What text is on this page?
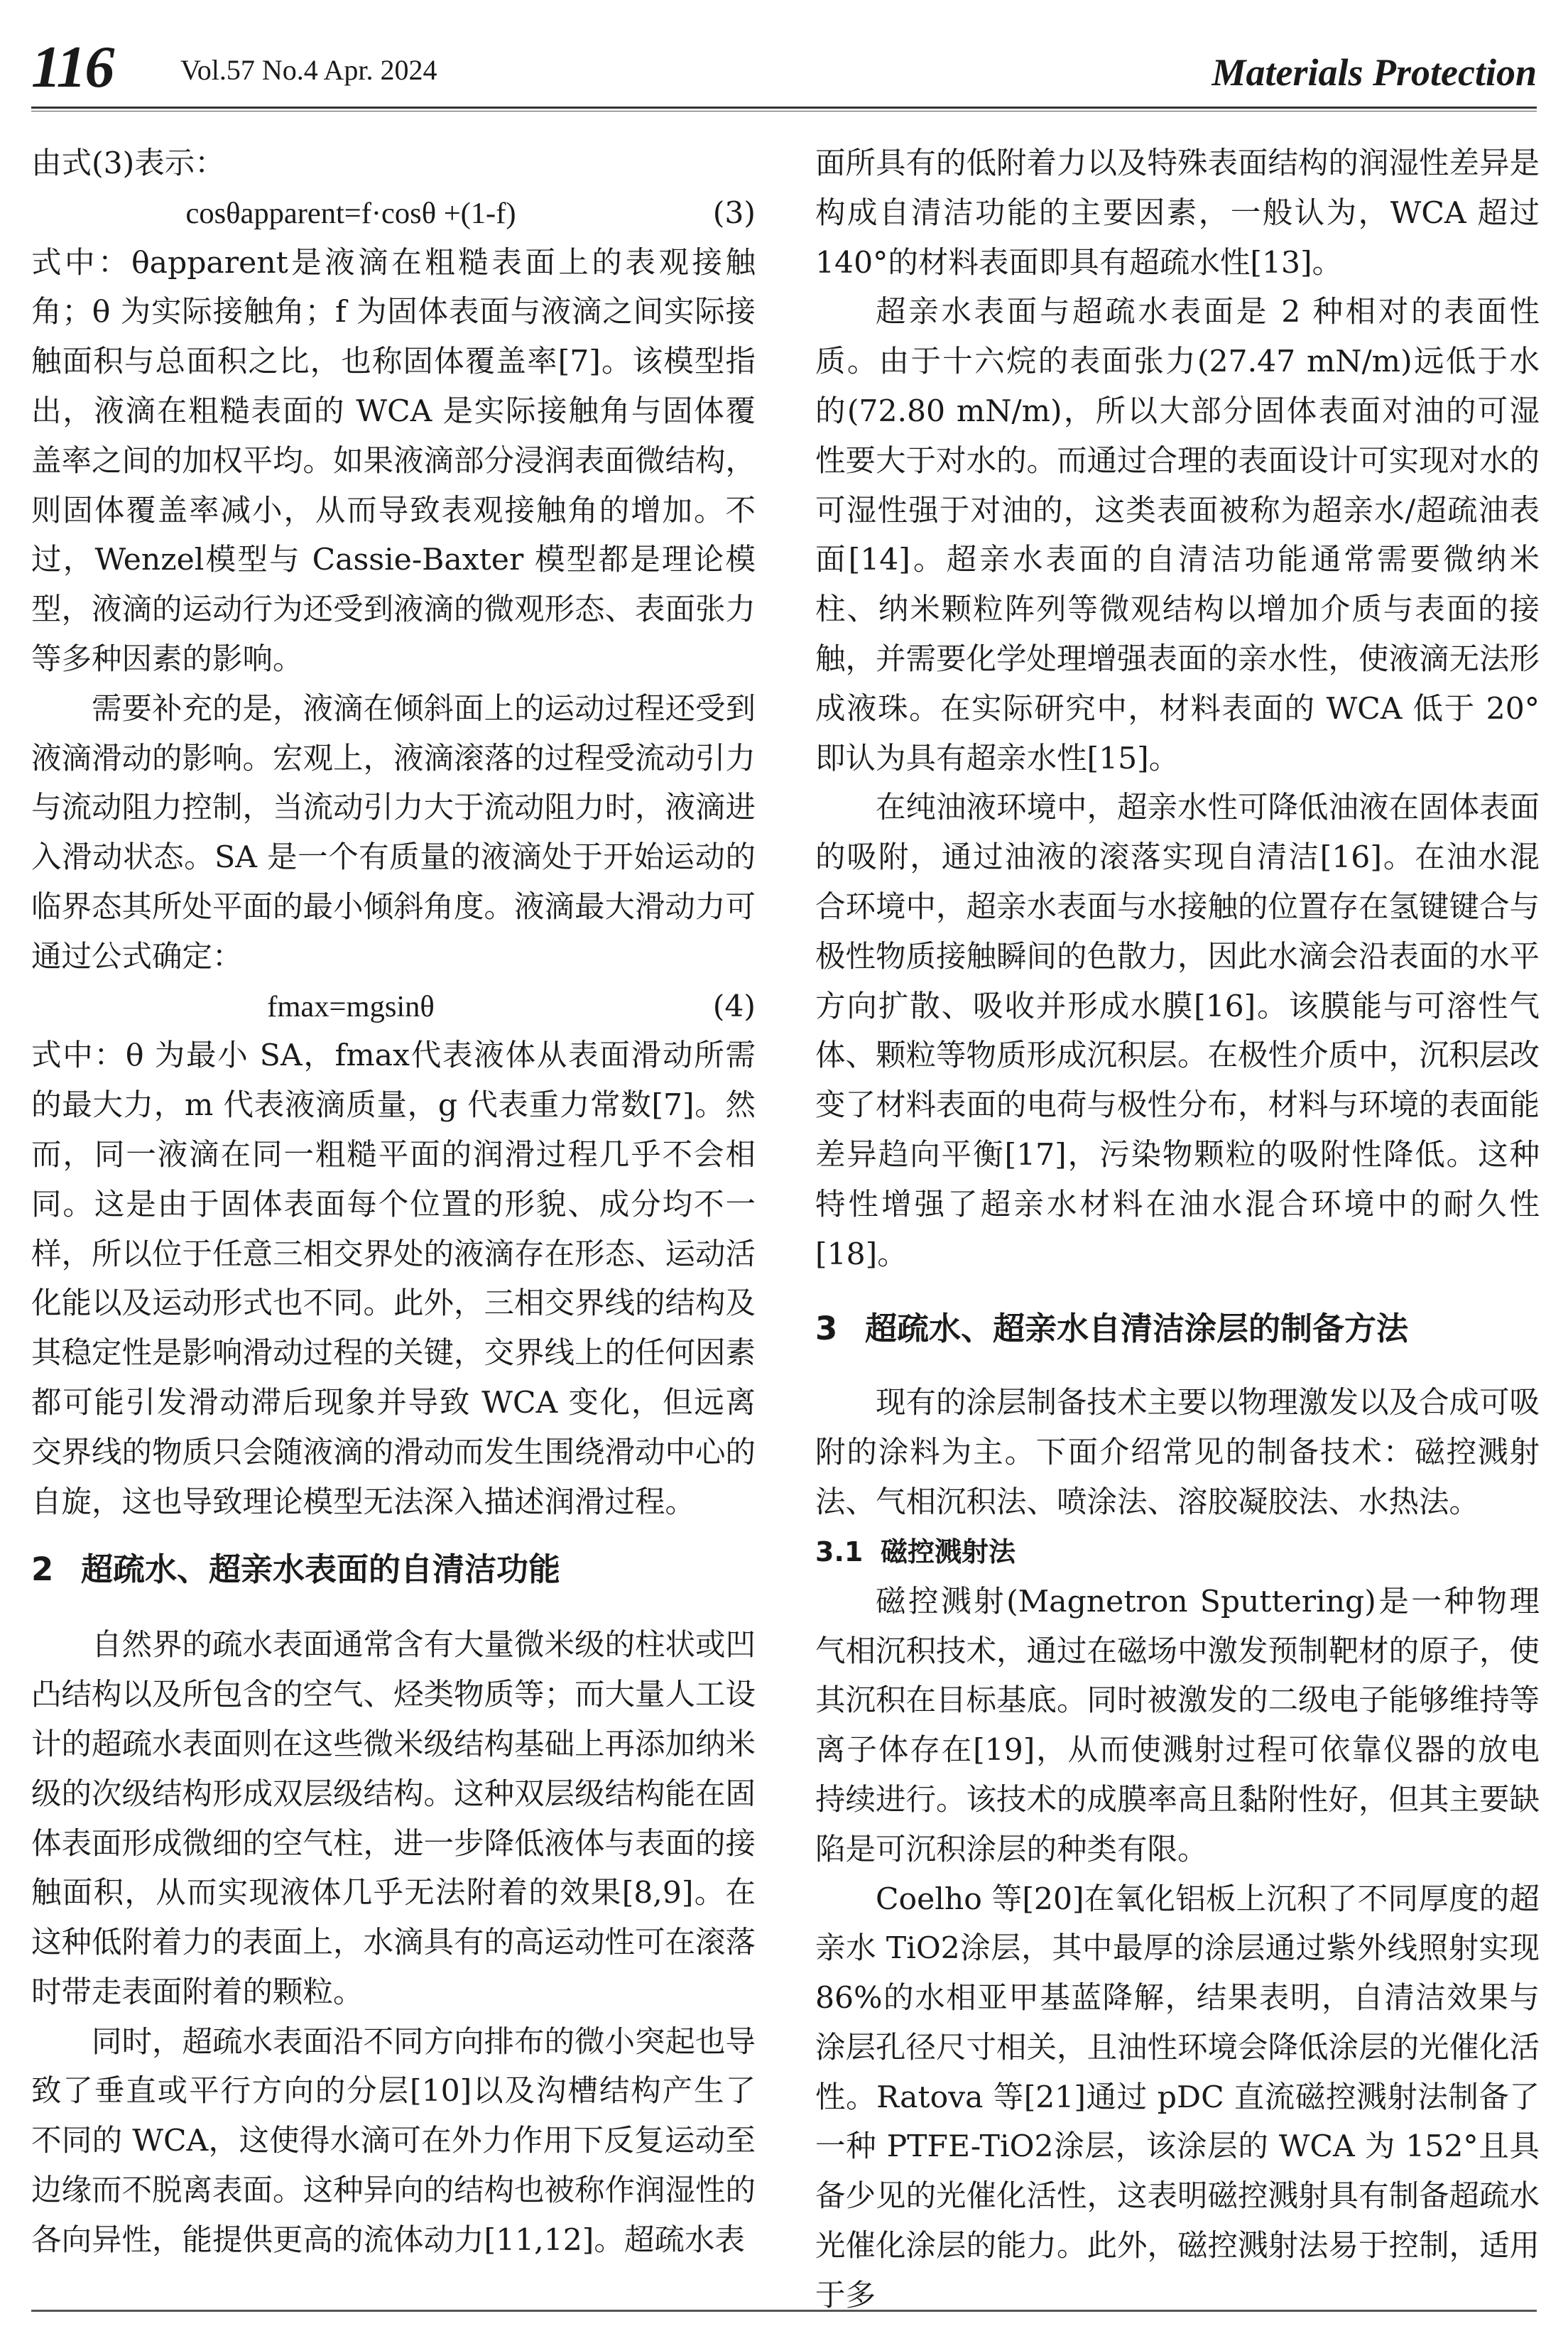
116 Vol.57 No.4 Apr. 2024	Materials Protection

由式(3)表示：

cosθapparent=f·cosθ +(1-f)	(3)

式中：θapparent是液滴在粗糙表面上的表观接触角；θ 为实际接触角；f 为固体表面与液滴之间实际接触面积与总面积之比，也称固体覆盖率[7]。该模型指出，液滴在粗糙表面的 WCA 是实际接触角与固体覆盖率之间的加权平均。如果液滴部分浸润表面微结构，则固体覆盖率减小，从而导致表观接触角的增加。不过，Wenzel模型与 Cassie-Baxter 模型都是理论模型，液滴的运动行为还受到液滴的微观形态、表面张力等多种因素的影响。

需要补充的是，液滴在倾斜面上的运动过程还受到液滴滑动的影响。宏观上，液滴滚落的过程受流动引力与流动阻力控制，当流动引力大于流动阻力时，液滴进入滑动状态。SA 是一个有质量的液滴处于开始运动的临界态其所处平面的最小倾斜角度。液滴最大滑动力可通过公式确定：

fmax=mgsinθ	(4)

式中：θ 为最小 SA，fmax代表液体从表面滑动所需的最大力，m 代表液滴质量，g 代表重力常数[7]。然而，同一液滴在同一粗糙平面的润滑过程几乎不会相同。这是由于固体表面每个位置的形貌、成分均不一样，所以位于任意三相交界处的液滴存在形态、运动活化能以及运动形式也不同。此外，三相交界线的结构及其稳定性是影响滑动过程的关键，交界线上的任何因素都可能引发滑动滞后现象并导致 WCA 变化，但远离交界线的物质只会随液滴的滑动而发生围绕滑动中心的自旋，这也导致理论模型无法深入描述润滑过程。

2 超疏水、超亲水表面的自清洁功能

自然界的疏水表面通常含有大量微米级的柱状或凹凸结构以及所包含的空气、烃类物质等；而大量人工设计的超疏水表面则在这些微米级结构基础上再添加纳米级的次级结构形成双层级结构。这种双层级结构能在固体表面形成微细的空气柱，进一步降低液体与表面的接触面积，从而实现液体几乎无法附着的效果[8,9]。在这种低附着力的表面上，水滴具有的高运动性可在滚落时带走表面附着的颗粒。

同时，超疏水表面沿不同方向排布的微小突起也导致了垂直或平行方向的分层[10]以及沟槽结构产生了不同的 WCA，这使得水滴可在外力作用下反复运动至边缘而不脱离表面。这种异向的结构也被称作润湿性的各向异性，能提供更高的流体动力[11,12]。超疏水表

面所具有的低附着力以及特殊表面结构的润湿性差异是构成自清洁功能的主要因素，一般认为，WCA 超过140°的材料表面即具有超疏水性[13]。

超亲水表面与超疏水表面是 2 种相对的表面性质。由于十六烷的表面张力(27.47 mN/m)远低于水的(72.80 mN/m)，所以大部分固体表面对油的可湿性要大于对水的。而通过合理的表面设计可实现对水的可湿性强于对油的，这类表面被称为超亲水/超疏油表面[14]。超亲水表面的自清洁功能通常需要微纳米柱、纳米颗粒阵列等微观结构以增加介质与表面的接触，并需要化学处理增强表面的亲水性，使液滴无法形成液珠。在实际研究中，材料表面的 WCA 低于 20°即认为具有超亲水性[15]。

在纯油液环境中，超亲水性可降低油液在固体表面的吸附，通过油液的滚落实现自清洁[16]。在油水混合环境中，超亲水表面与水接触的位置存在氢键键合与极性物质接触瞬间的色散力，因此水滴会沿表面的水平方向扩散、吸收并形成水膜[16]。该膜能与可溶性气体、颗粒等物质形成沉积层。在极性介质中，沉积层改变了材料表面的电荷与极性分布，材料与环境的表面能差异趋向平衡[17]，污染物颗粒的吸附性降低。这种特性增强了超亲水材料在油水混合环境中的耐久性[18]。

3 超疏水、超亲水自清洁涂层的制备方法

现有的涂层制备技术主要以物理激发以及合成可吸附的涂料为主。下面介绍常见的制备技术：磁控溅射法、气相沉积法、喷涂法、溶胶凝胶法、水热法。

3.1 磁控溅射法

磁控溅射(Magnetron Sputtering)是一种物理气相沉积技术，通过在磁场中激发预制靶材的原子，使其沉积在目标基底。同时被激发的二级电子能够维持等离子体存在[19]，从而使溅射过程可依靠仪器的放电持续进行。该技术的成膜率高且黏附性好，但其主要缺陷是可沉积涂层的种类有限。

Coelho 等[20]在氧化铝板上沉积了不同厚度的超亲水 TiO2涂层，其中最厚的涂层通过紫外线照射实现 86%的水相亚甲基蓝降解，结果表明，自清洁效果与涂层孔径尺寸相关，且油性环境会降低涂层的光催化活性。Ratova 等[21]通过 pDC 直流磁控溅射法制备了一种 PTFE-TiO2涂层，该涂层的 WCA 为 152°且具备少见的光催化活性，这表明磁控溅射具有制备超疏水光催化涂层的能力。此外，磁控溅射法易于控制，适用于多
